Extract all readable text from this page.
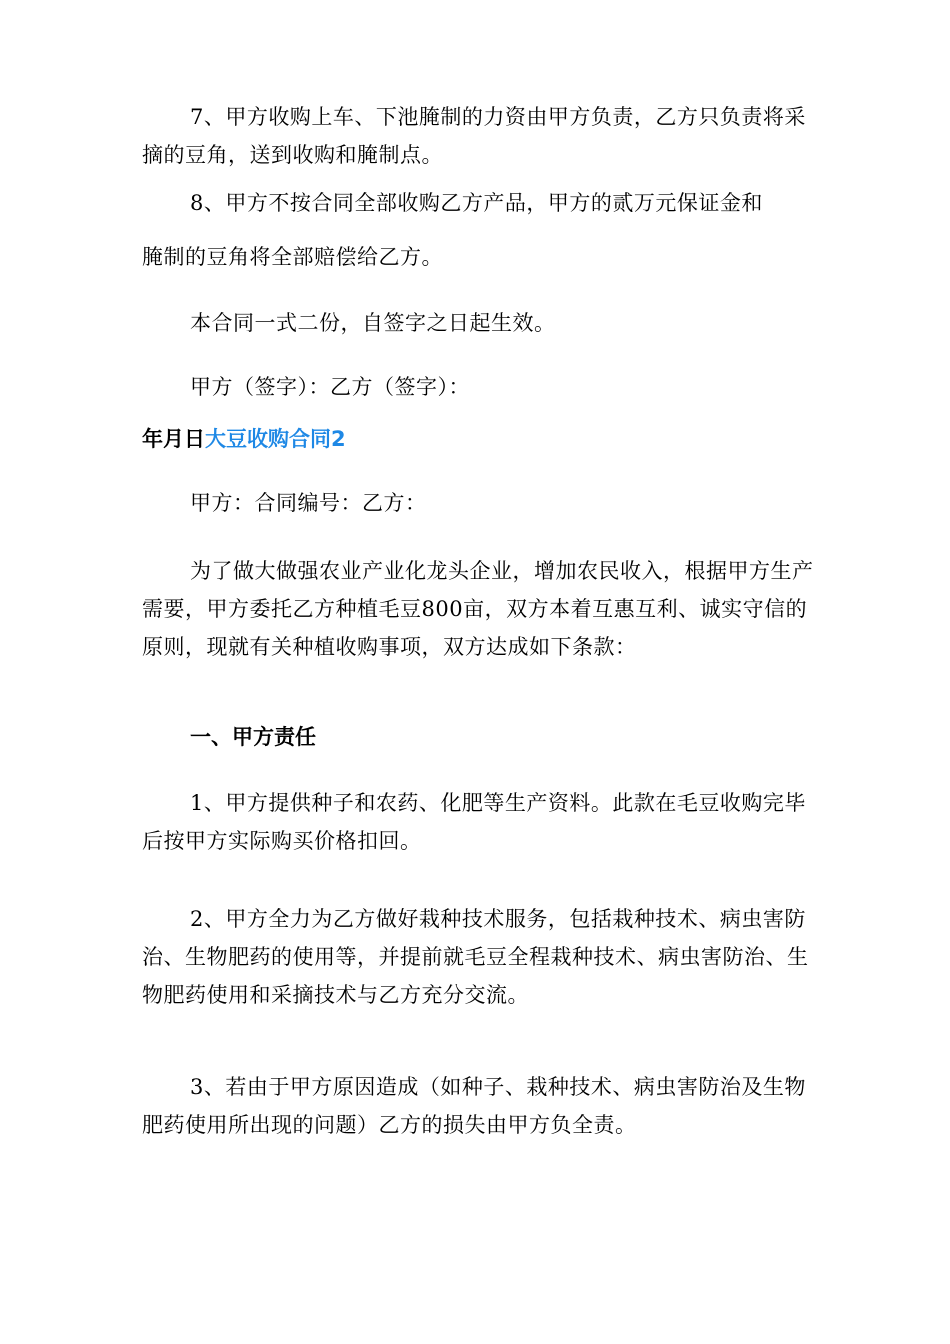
7、甲方收购上车、下池腌制的力资由甲方负责，乙方只负责将采摘的豆角，送到收购和腌制点。

8、甲方不按合同全部收购乙方产品，甲方的贰万元保证金和

腌制的豆角将全部赔偿给乙方。

本合同一式二份，自签字之日起生效。

甲方（签字）：乙方（签字）：

年月日大豆收购合同2

甲方：合同编号：乙方：

为了做大做强农业产业化龙头企业，增加农民收入，根据甲方生产需要，甲方委托乙方种植毛豆800亩，双方本着互惠互利、诚实守信的原则，现就有关种植收购事项，双方达成如下条款：

一、甲方责任

1、甲方提供种子和农药、化肥等生产资料。此款在毛豆收购完毕后按甲方实际购买价格扣回。

2、甲方全力为乙方做好栽种技术服务，包括栽种技术、病虫害防治、生物肥药的使用等，并提前就毛豆全程栽种技术、病虫害防治、生物肥药使用和采摘技术与乙方充分交流。

3、若由于甲方原因造成（如种子、栽种技术、病虫害防治及生物肥药使用所出现的问题）乙方的损失由甲方负全责。
